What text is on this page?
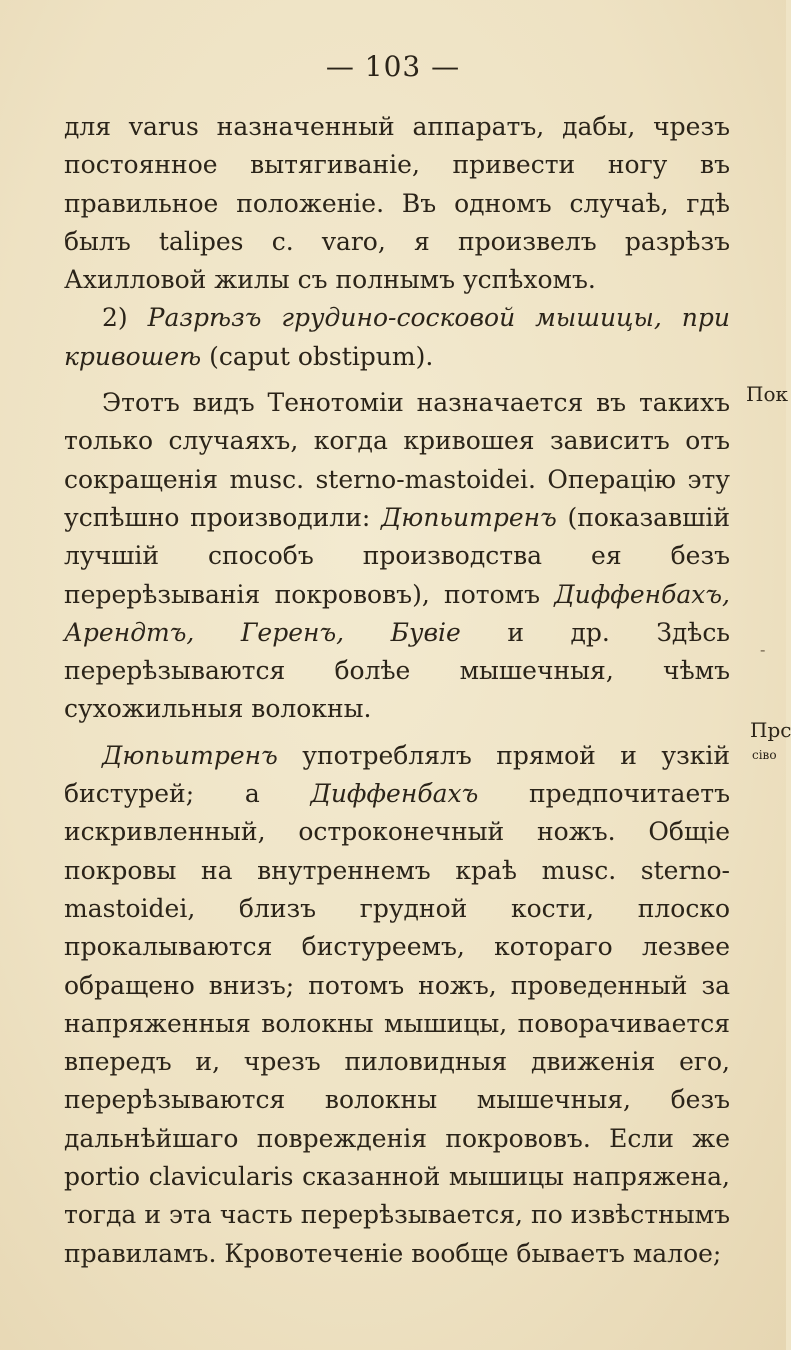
— 103 —

для varus назначенный аппаратъ, дабы, чрезъ постоянное вытягиванiе, привести ногу въ правильное положенiе. Въ одномъ случаѣ, гдѣ былъ talipes c. varo, я произвелъ разрѣзъ Ахилловой жилы съ полнымъ успѣхомъ.

2) Разрѣзъ грудино-сосковой мышицы, при кривошеѣ (caput obstipum).

Этотъ видъ Тенотомiи назначается въ такихъ только случаяхъ, когда кривошея зависитъ отъ сокращенiя musc. sterno-mastoidei. Операцiю эту успѣшно производили: Дюпьитренъ (показавшiй лучшiй способъ производства ея безъ перерѣзыванiя покрововъ), потомъ Диффенбахъ, Арендтъ, Геренъ, Бувiе и др. Здѣсь перерѣзываются болѣе мышечныя, чѣмъ сухожильныя волокны.

Дюпьитренъ употреблялъ прямой и узкiй бистурей; а Диффенбахъ предпочитаетъ искривленный, остроконечный ножъ. Общiе покровы на внутреннемъ краѣ musc. sterno-mastoidei, близъ грудной кости, плоско прокалываются бистуреемъ, котораго лезвее обращено внизъ; потомъ ножъ, проведенный за напряженныя волокны мышицы, поворачивается впередъ и, чрезъ пиловидныя движенiя его, перерѣзываются волокны мышечныя, безъ дальнѣйшаго поврежденiя покрововъ. Если же portio clavicularis сказанной мышицы напряжена, тогда и эта часть перерѣзывается, по извѣстнымъ правиламъ. Кровотеченiе вообще бываетъ малое;

Пок
Прс
сiво
-
